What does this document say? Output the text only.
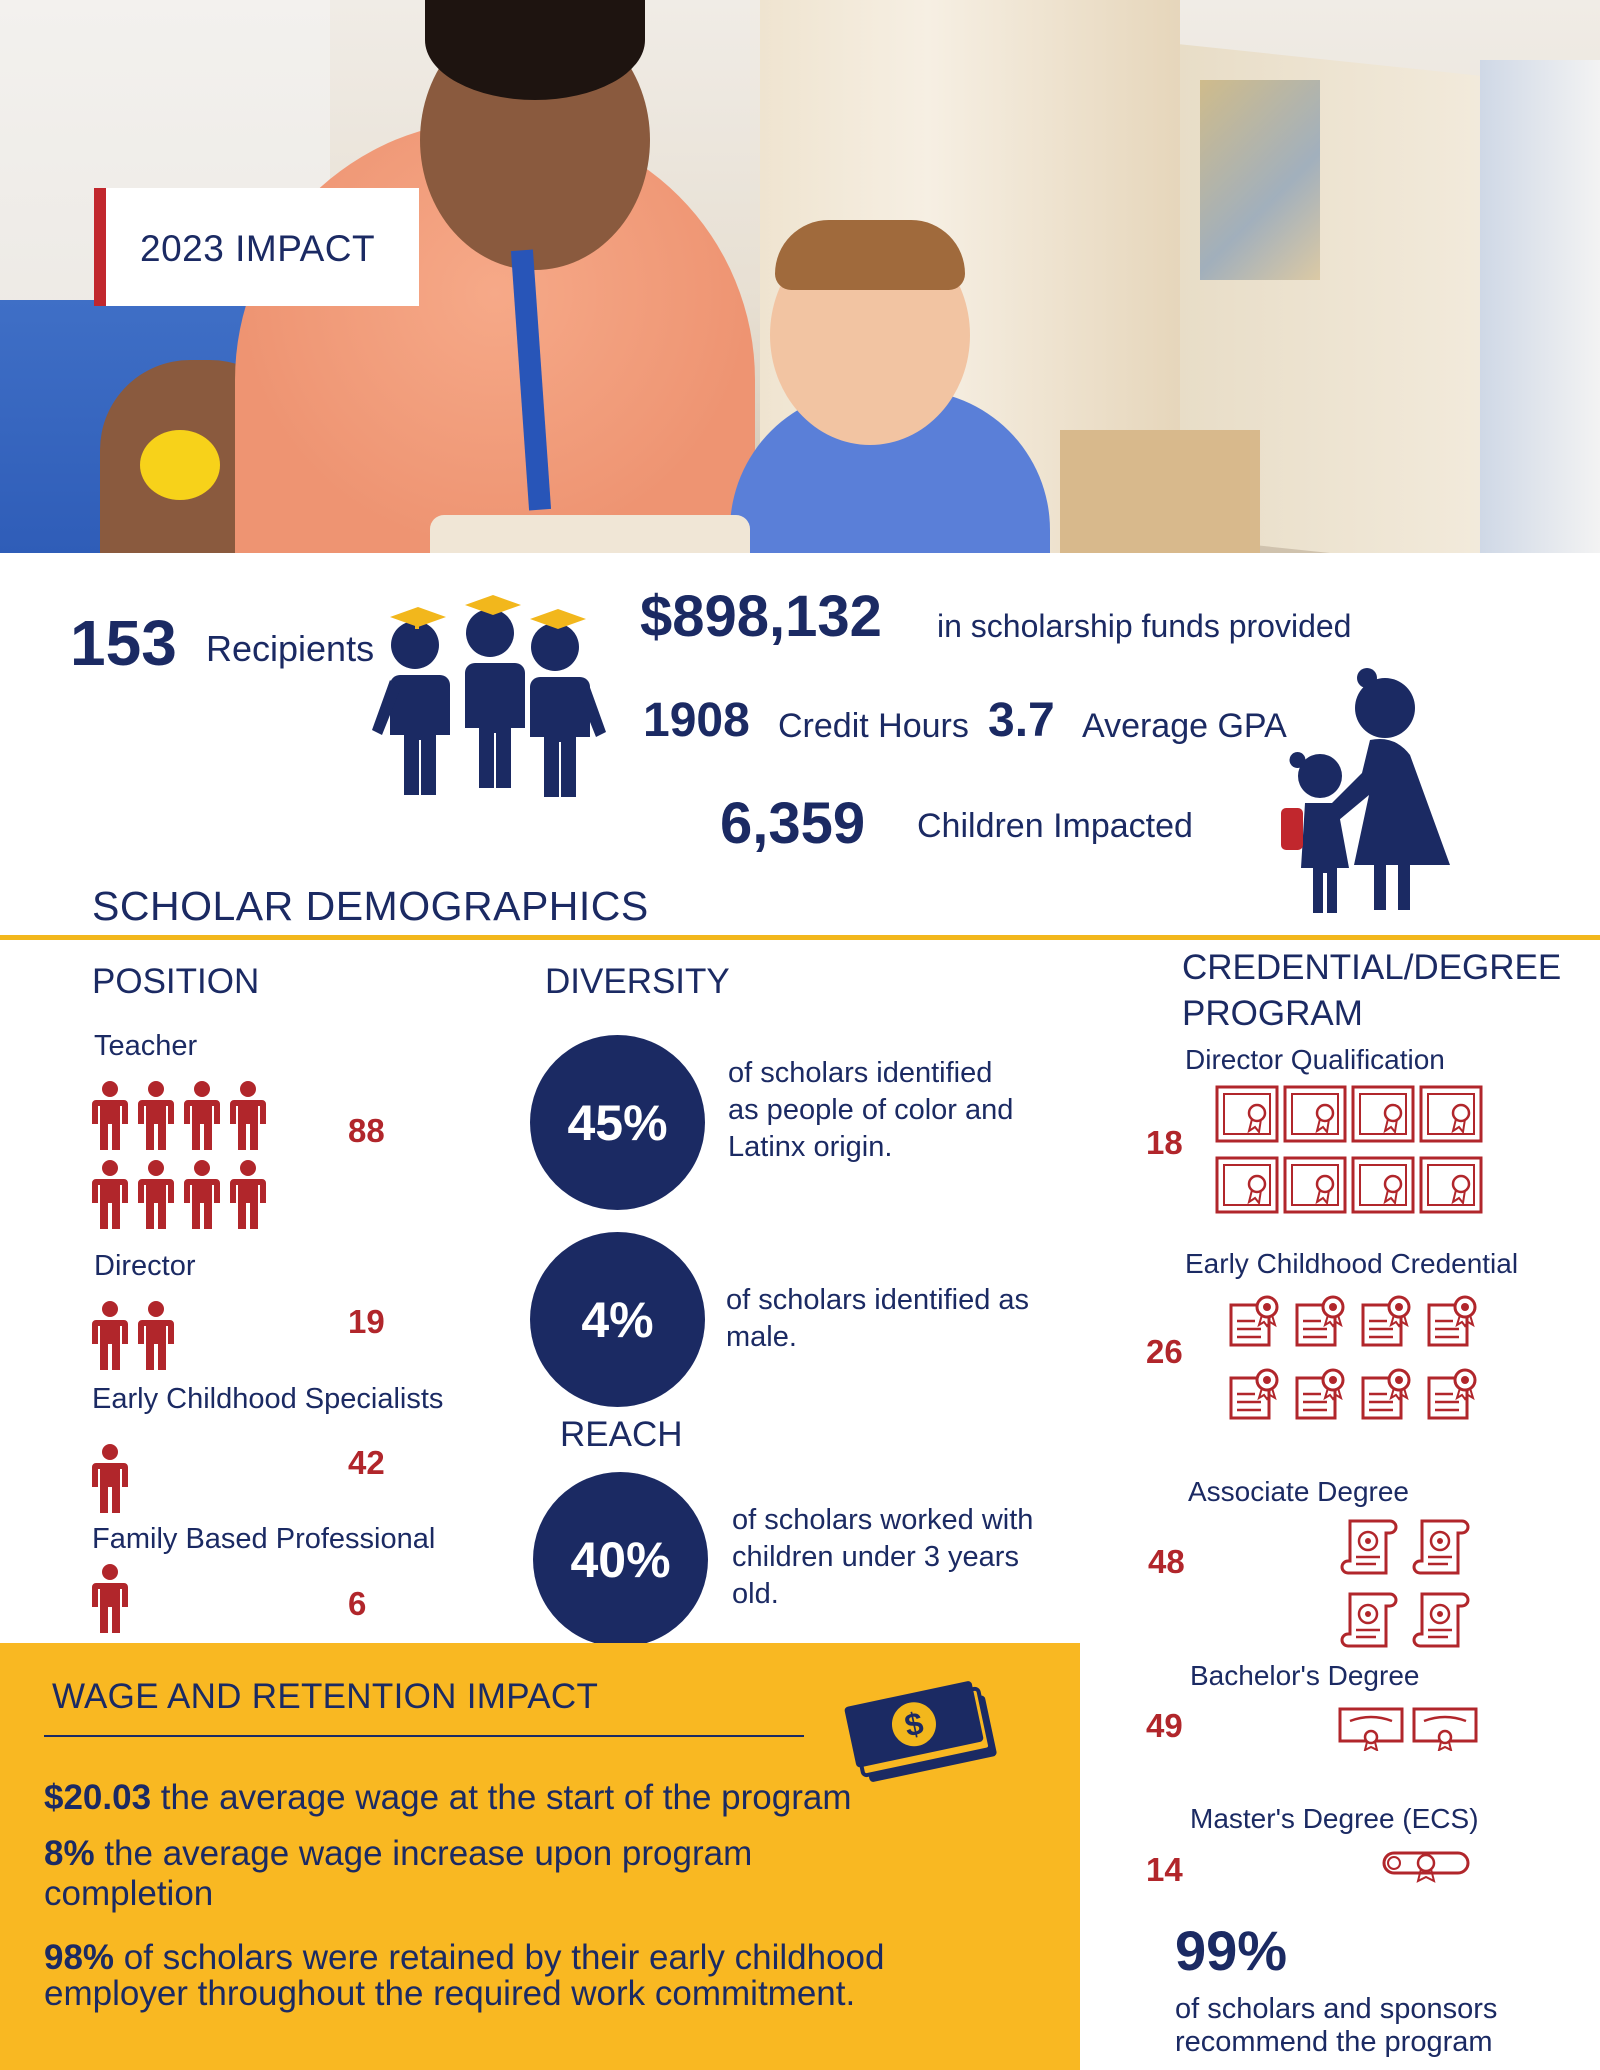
2023 IMPACT
153 Recipients	$898,132 in scholarship funds provided
1908 Credit Hours 3.7 Average GPA
6,359 Children Impacted
SCHOLAR DEMOGRAPHICS
POSITION
Teacher

88
Director
19
Early Childhood Specialists
42
Family Based Professional
6
DIVERSITY
45%
of scholars identified
as people of color and
Latinx origin.
4% of scholars identified as
male.
REACH
40%
of scholars worked with
children under 3 years
old.
CREDENTIAL/DEGREE
PROGRAM
Director Qualification
18

Early Childhood Credential
26

Associate Degree
48

Bachelor's Degree
49
Master's Degree (ECS)
14
99%
of scholars and sponsors
recommend the program
WAGE AND RETENTION IMPACT
$
$20.03 the average wage at the start of the program
8% the average wage increase upon program completion
98% of scholars were retained by their early childhood employer throughout the required work commitment.
